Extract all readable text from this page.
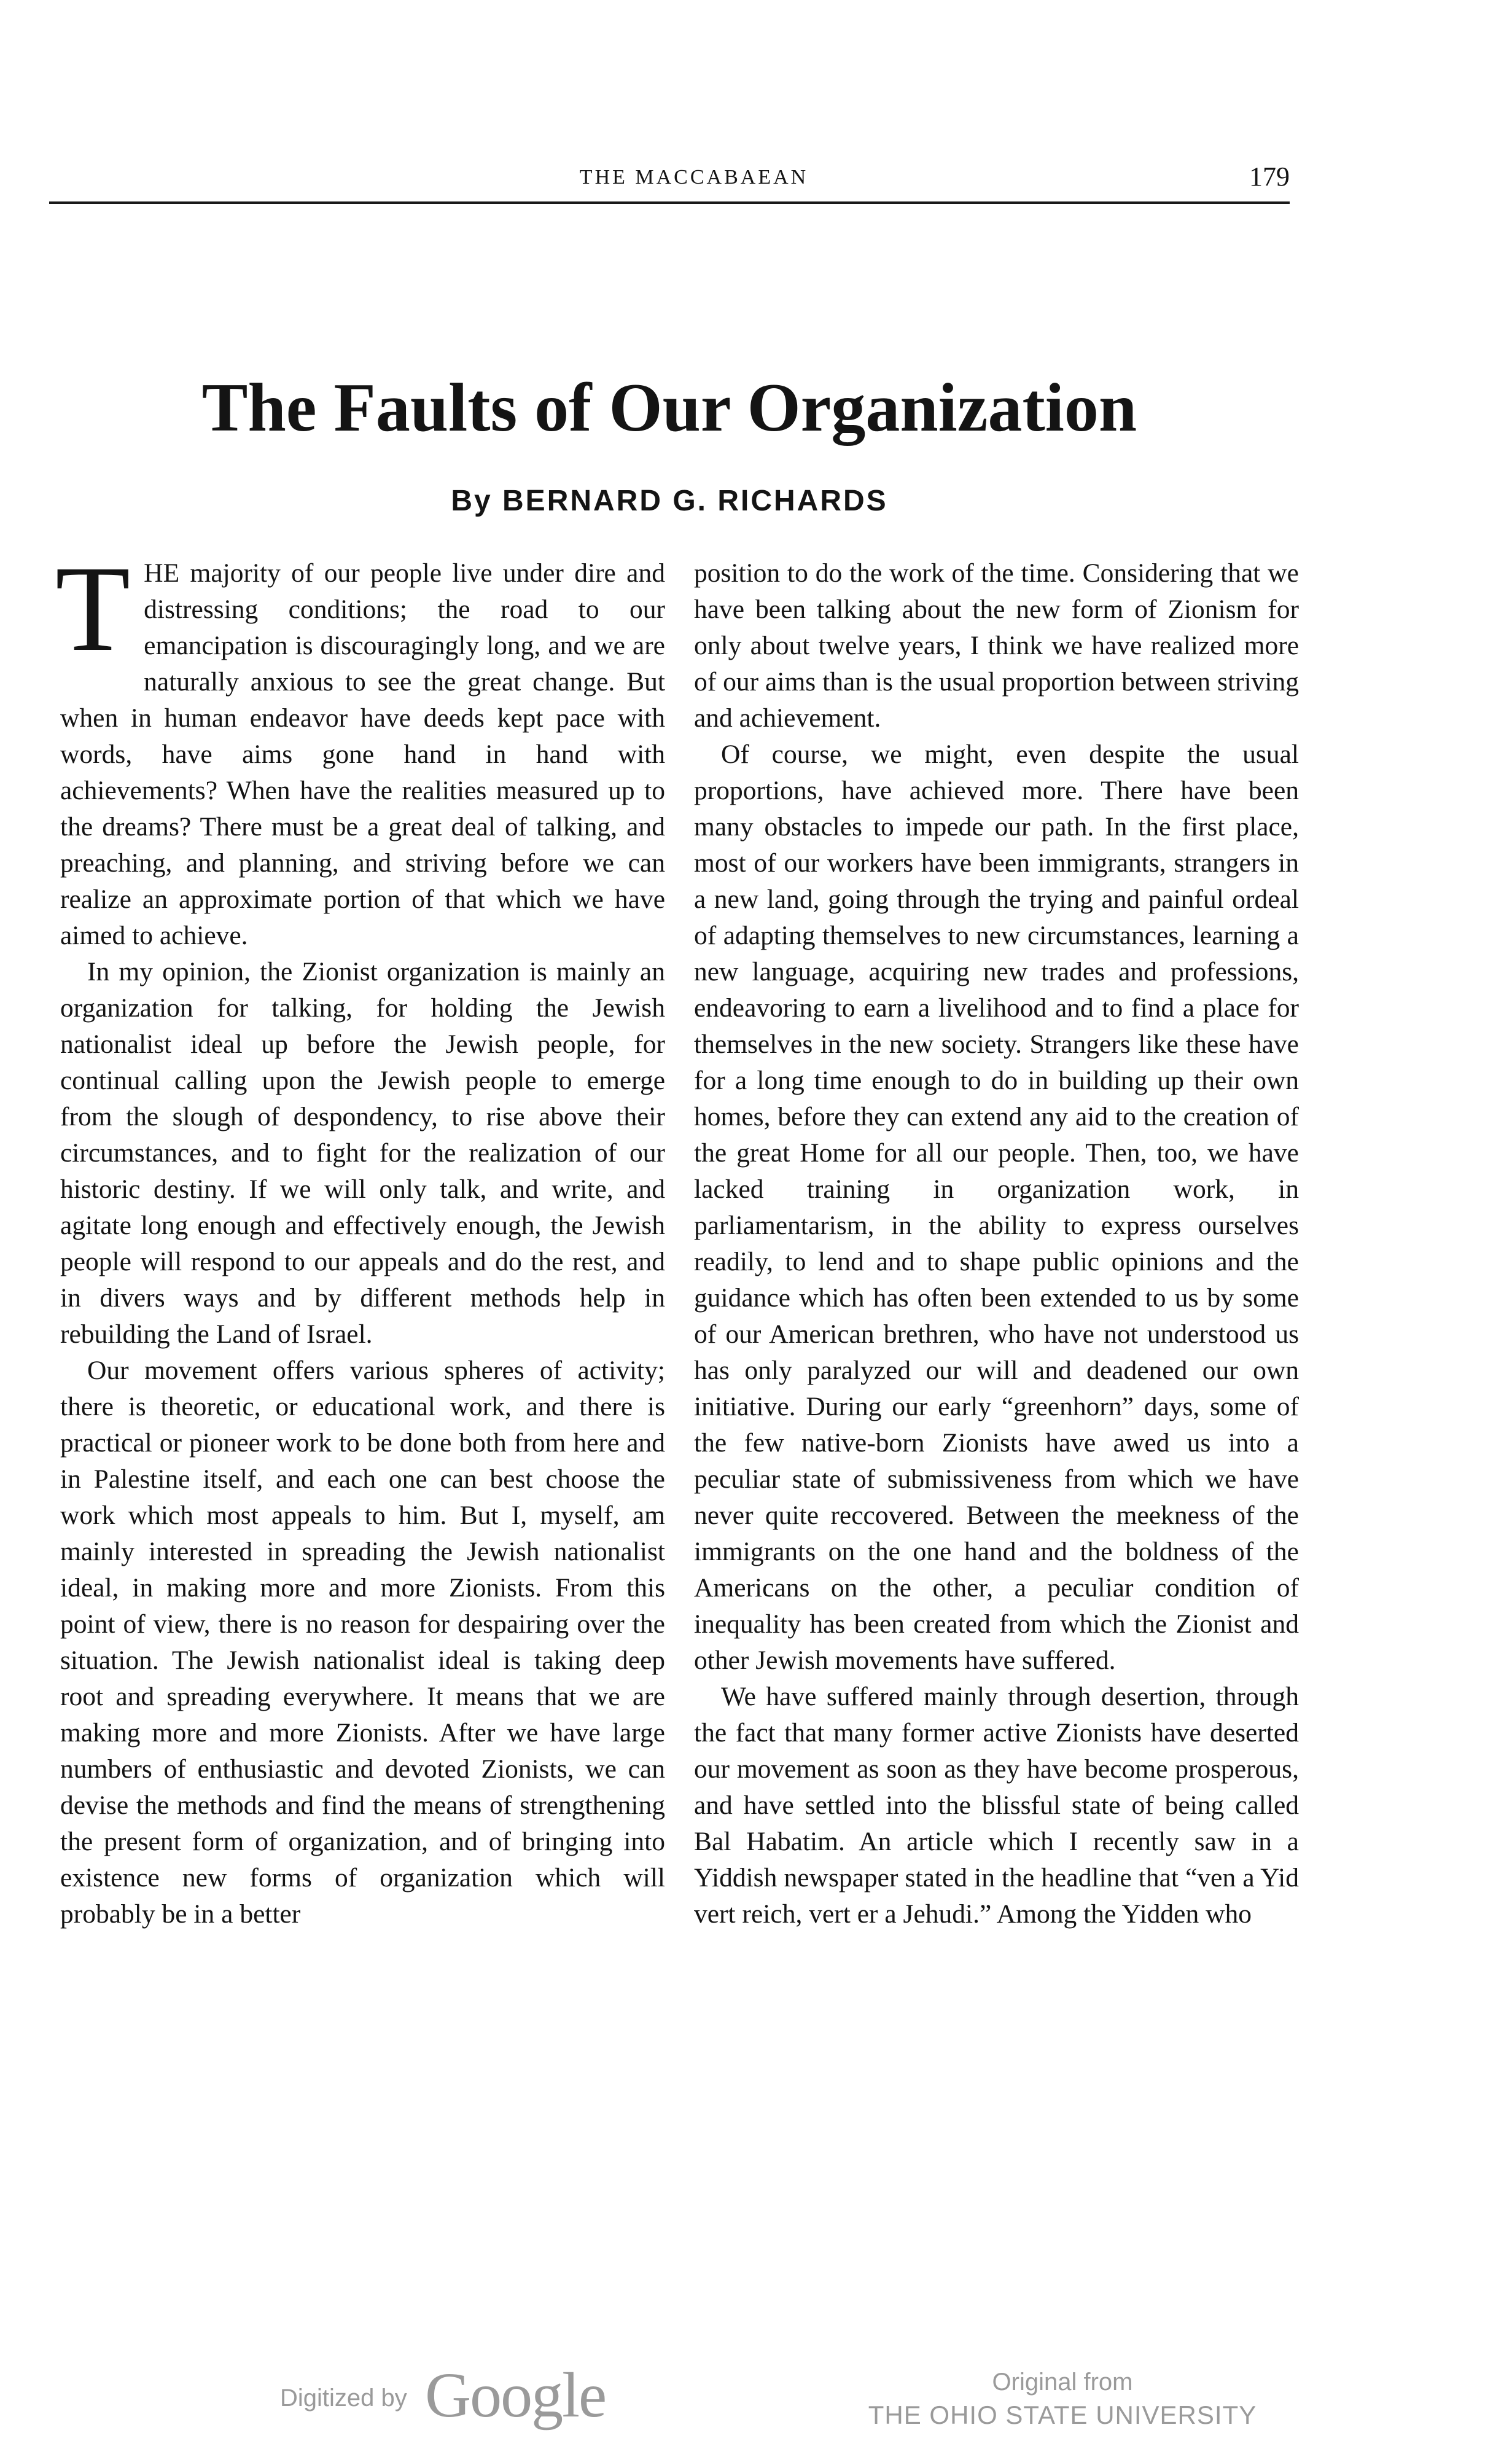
THE MACCABAEAN	179
The Faults of Our Organization
By BERNARD G. RICHARDS

THE majority of our people live under dire and distressing conditions; the road to our emancipation is discouragingly long, and we are naturally anxious to see the great change. But when in human endeavor have deeds kept pace with words, have aims gone hand in hand with achievements? When have the realities measured up to the dreams? There must be a great deal of talking, and preaching, and planning, and striving before we can realize an approximate portion of that which we have aimed to achieve.

In my opinion, the Zionist organization is mainly an organization for talking, for holding the Jewish nationalist ideal up before the Jewish people, for continual calling upon the Jewish people to emerge from the slough of despondency, to rise above their circumstances, and to fight for the realization of our historic destiny. If we will only talk, and write, and agitate long enough and effectively enough, the Jewish people will respond to our appeals and do the rest, and in divers ways and by different methods help in rebuilding the Land of Israel.

Our movement offers various spheres of activity; there is theoretic, or educational work, and there is practical or pioneer work to be done both from here and in Palestine itself, and each one can best choose the work which most appeals to him. But I, myself, am mainly interested in spreading the Jewish nationalist ideal, in making more and more Zionists. From this point of view, there is no reason for despairing over the situation. The Jewish nationalist ideal is taking deep root and spreading everywhere. It means that we are making more and more Zionists. After we have large numbers of enthusiastic and devoted Zionists, we can devise the methods and find the means of strengthening the present form of organization, and of bringing into existence new forms of organization which will probably be in a better

position to do the work of the time. Considering that we have been talking about the new form of Zionism for only about twelve years, I think we have realized more of our aims than is the usual proportion between striving and achievement.

Of course, we might, even despite the usual proportions, have achieved more. There have been many obstacles to impede our path. In the first place, most of our workers have been immigrants, strangers in a new land, going through the trying and painful ordeal of adapting themselves to new circumstances, learning a new language, acquiring new trades and professions, endeavoring to earn a livelihood and to find a place for themselves in the new society. Strangers like these have for a long time enough to do in building up their own homes, before they can extend any aid to the creation of the great Home for all our people. Then, too, we have lacked training in organization work, in parliamentarism, in the ability to express ourselves readily, to lend and to shape public opinions and the guidance which has often been extended to us by some of our American brethren, who have not understood us has only paralyzed our will and deadened our own initiative. During our early “greenhorn” days, some of the few native-born Zionists have awed us into a peculiar state of submissiveness from which we have never quite reccovered. Between the meekness of the immigrants on the one hand and the boldness of the Americans on the other, a peculiar condition of inequality has been created from which the Zionist and other Jewish movements have suffered.

We have suffered mainly through desertion, through the fact that many former active Zionists have deserted our movement as soon as they have become prosperous, and have settled into the blissful state of being called Bal Habatim. An article which I recently saw in a Yiddish newspaper stated in the headline that “ven a Yid vert reich, vert er a Jehudi.” Among the Yidden who

Digitized by Google	Original from
THE OHIO STATE UNIVERSITY
